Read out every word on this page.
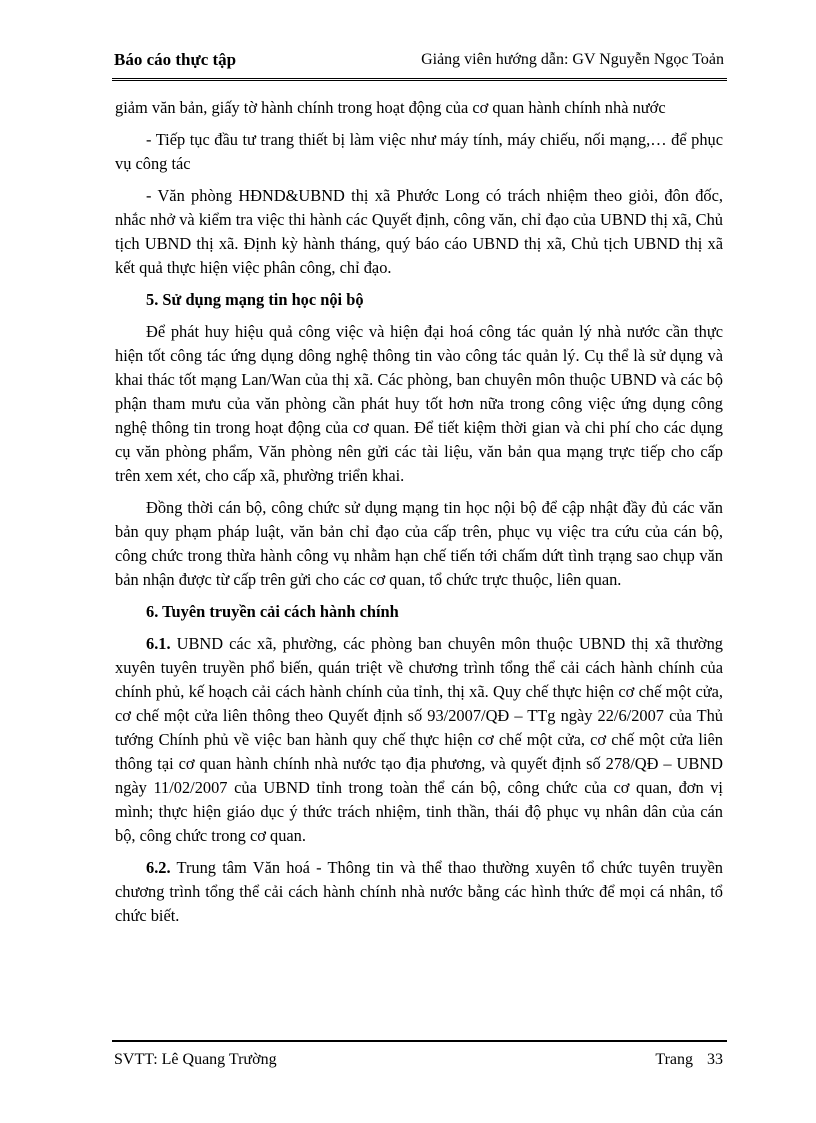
Báo cáo thực tập	Giảng viên hướng dẫn: GV Nguyễn Ngọc Toản

giảm văn bản, giấy tờ hành chính trong hoạt động của cơ quan hành chính nhà nước

- Tiếp tục đầu tư trang thiết bị làm việc như máy tính, máy chiếu, nối mạng,… để phục vụ công tác

- Văn phòng HĐND&UBND thị xã Phước Long có trách nhiệm theo giỏi, đôn đốc, nhắc nhở và kiểm tra việc thi hành các Quyết định, công văn, chỉ đạo của UBND thị xã, Chủ tịch UBND thị xã. Định kỳ hành tháng, quý báo cáo UBND thị xã, Chủ tịch UBND thị xã kết quả thực hiện việc phân công, chỉ đạo.

5. Sử dụng mạng tin học nội bộ

Để phát huy hiệu quả công việc và hiện đại hoá công tác quản lý nhà nước cần thực hiện tốt công tác ứng dụng dông nghệ thông tin vào công tác quản lý. Cụ thể là sử dụng và khai thác tốt mạng Lan/Wan của thị xã. Các phòng, ban chuyên môn thuộc UBND và các bộ phận tham mưu của văn phòng cần phát huy tốt hơn nữa trong công việc ứng dụng công nghệ thông tin trong hoạt động của cơ quan. Để tiết kiệm thời gian và chi phí cho các dụng cụ văn phòng phẩm, Văn phòng nên gửi các tài liệu, văn bản qua mạng trực tiếp cho cấp trên xem xét, cho cấp xã, phường triển khai.

Đồng thời cán bộ, công chức sử dụng mạng tin học nội bộ để cập nhật đầy đủ các văn bản quy phạm pháp luật, văn bản chỉ đạo của cấp trên, phục vụ việc tra cứu của cán bộ, công chức trong thừa hành công vụ nhằm hạn chế tiến tới chấm dứt tình trạng sao chụp văn bản nhận được từ cấp trên gửi cho các cơ quan, tổ chức trực thuộc, liên quan.

6. Tuyên truyền cải cách hành chính

6.1. UBND các xã, phường, các phòng ban chuyên môn thuộc UBND thị xã thường xuyên tuyên truyền phổ biến, quán triệt về chương trình tổng thể cải cách hành chính của chính phủ, kế hoạch cải cách hành chính của tỉnh, thị xã. Quy chế thực hiện cơ chế một cửa, cơ chế một cửa liên thông theo Quyết định số 93/2007/QĐ – TTg ngày 22/6/2007 của Thủ tướng Chính phủ về việc ban hành quy chế thực hiện cơ chế một cửa, cơ chế một cửa liên thông tại cơ quan hành chính nhà nước tạo địa phương, và quyết định số 278/QĐ – UBND ngày 11/02/2007 của UBND tỉnh trong toàn thể cán bộ, công chức của cơ quan, đơn vị mình; thực hiện giáo dục ý thức trách nhiệm, tinh thần, thái độ phục vụ nhân dân của cán bộ, công chức trong cơ quan.

6.2. Trung tâm Văn hoá - Thông tin và thể thao thường xuyên tổ chức tuyên truyền chương trình tổng thể cải cách hành chính nhà nước bằng các hình thức để mọi cá nhân, tổ chức biết.

SVTT: Lê Quang Trường	Trang 33
